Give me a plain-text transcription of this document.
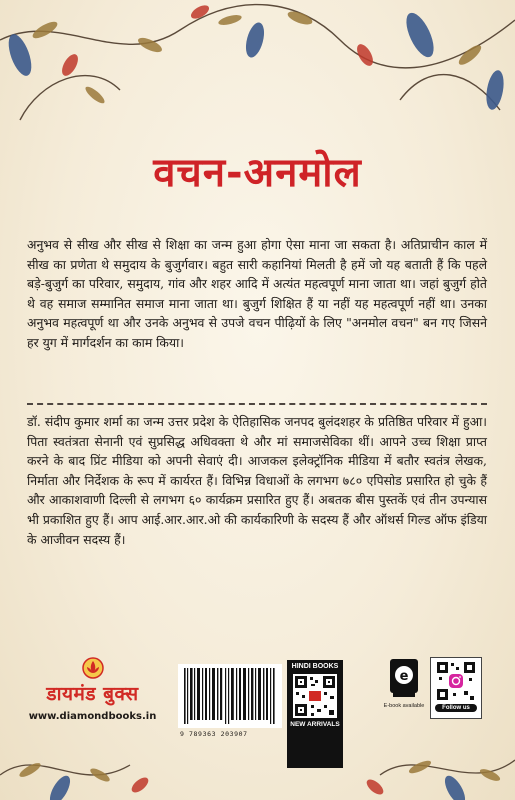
वचन-अनमोल

अनुभव से सीख और सीख से शिक्षा का जन्म हुआ होगा ऐसा माना जा सकता है। अतिप्राचीन काल में सीख का प्रणेता थे समुदाय के बुजुर्गवार। बहुत सारी कहानियां मिलती है हमें जो यह बताती हैं कि पहले बड़े-बुजुर्ग का परिवार, समुदाय, गांव और शहर आदि में अत्यंत महत्वपूर्ण माना जाता था। जहां बुजुर्ग होते थे वह समाज सम्मानित समाज माना जाता था। बुजुर्ग शिक्षित हैं या नहीं यह महत्वपूर्ण नहीं था। उनका अनुभव महत्वपूर्ण था और उनके अनुभव से उपजे वचन पीढ़ियों के लिए "अनमोल वचन" बन गए जिसने हर युग में मार्गदर्शन का काम किया।

डॉ. संदीप कुमार शर्मा का जन्म उत्तर प्रदेश के ऐतिहासिक जनपद बुलंदशहर के प्रतिष्ठित परिवार में हुआ। पिता स्वतंत्रता सेनानी एवं सुप्रसिद्ध अधिवक्ता थे और मां समाजसेविका थीं। आपने उच्च शिक्षा प्राप्त करने के बाद प्रिंट मीडिया को अपनी सेवाएं दी। आजकल इलेक्ट्रॉनिक मीडिया में बतौर स्वतंत्र लेखक, निर्माता और निर्देशक के रूप में कार्यरत हैं। विभिन्न विधाओं के लगभग ७८० एपिसोड प्रसारित हो चुके हैं और आकाशवाणी दिल्ली से लगभग ६० कार्यक्रम प्रसारित हुए हैं। अबतक बीस पुस्तकें एवं तीन उपन्यास भी प्रकाशित हुए हैं। आप आई.आर.आर.ओ की कार्यकारिणी के सदस्य हैं और ऑथर्स गिल्ड ऑफ इंडिया के आजीवन सदस्य हैं।

डायमंड बुक्स
www.diamondbooks.in
9 789363 203907
HINDI BOOKS
NEW ARRIVALS
e
E-book available	Follow us
